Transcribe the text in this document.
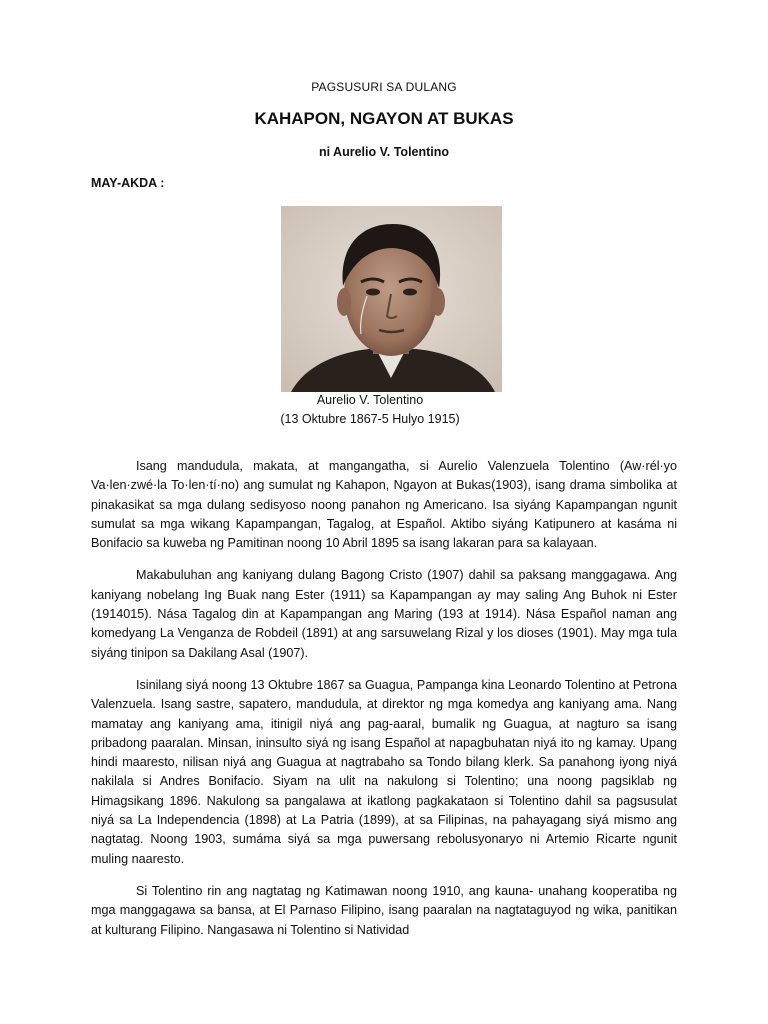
PAGSUSURI SA DULANG
KAHAPON, NGAYON AT BUKAS
ni Aurelio V. Tolentino
MAY-AKDA :
Aurelio V. Tolentino
(13 Oktubre 1867-5 Hulyo 1915)

Isang mandudula, makata, at mangangatha, si Aurelio Valenzuela Tolentino (Aw·rél·yo Va·len·zwé·la To·len·tí·no) ang sumulat ng Kahapon, Ngayon at Bukas(1903), isang drama simbolika at pinakasikat sa mga dulang sedisyoso noong panahon ng Americano. Isa siyáng Kapampangan ngunit sumulat sa mga wikang Kapampangan, Tagalog, at Español. Aktibo siyáng Katipunero at kasáma ni Bonifacio sa kuweba ng Pamitinan noong 10 Abril 1895 sa isang lakaran para sa kalayaan.

Makabuluhan ang kaniyang dulang Bagong Cristo (1907) dahil sa paksang manggagawa. Ang kaniyang nobelang Ing Buak nang Ester (1911) sa Kapampangan ay may saling Ang Buhok ni Ester (1914015). Nása Tagalog din at Kapampangan ang Maring (193 at 1914). Nása Español naman ang komedyang La Venganza de Robdeil (1891) at ang sarsuwelang Rizal y los dioses (1901). May mga tula siyáng tinipon sa Dakilang Asal (1907).

Isinilang siyá noong 13 Oktubre 1867 sa Guagua, Pampanga kina Leonardo Tolentino at Petrona Valenzuela. Isang sastre, sapatero, mandudula, at direktor ng mga komedya ang kaniyang ama. Nang mamatay ang kaniyang ama, itinigil niyá ang pag-aaral, bumalik ng Guagua, at nagturo sa isang pribadong paaralan. Minsan, ininsulto siyá ng isang Español at napagbuhatan niyá ito ng kamay. Upang hindi maaresto, nilisan niyá ang Guagua at nagtrabaho sa Tondo bilang klerk. Sa panahong iyong niyá nakilala si Andres Bonifacio. Siyam na ulit na nakulong si Tolentino; una noong pagsiklab ng Himagsikang 1896. Nakulong sa pangalawa at ikatlong pagkakataon si Tolentino dahil sa pagsusulat niyá sa La Independencia (1898) at La Patria (1899), at sa Filipinas, na pahayagang siyá mismo ang nagtatag. Noong 1903, sumáma siyá sa mga puwersang rebolusyonaryo ni Artemio Ricarte ngunit muling naaresto.

Si Tolentino rin ang nagtatag ng Katimawan noong 1910, ang kauna- unahang kooperatiba ng mga manggagawa sa bansa, at El Parnaso Filipino, isang paaralan na nagtataguyod ng wika, panitikan at kulturang Filipino. Nangasawa ni Tolentino si Natividad
